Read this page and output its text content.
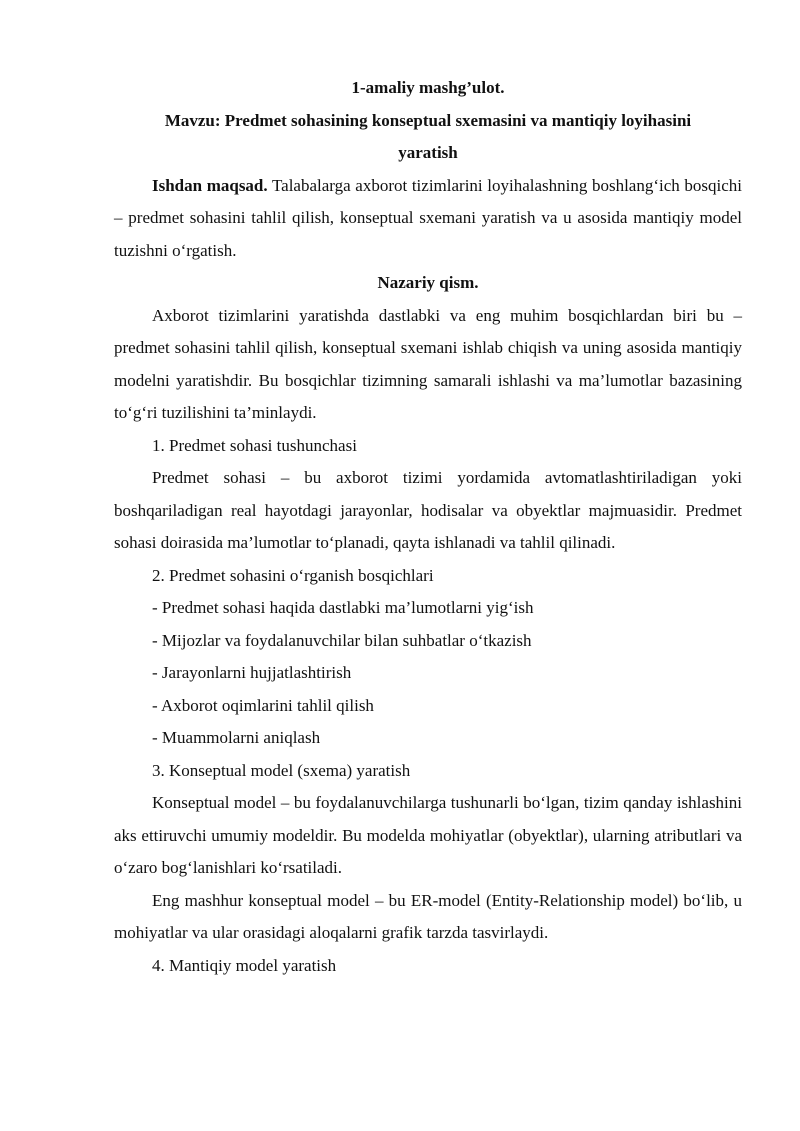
1-amaliy mashg’ulot.
Mavzu: Predmet sohasining konseptual sxemasini va mantiqiy loyihasini
yaratish
Ishdan maqsad. Talabalarga axborot tizimlarini loyihalashning boshlang‘ich bosqichi – predmet sohasini tahlil qilish, konseptual sxemani yaratish va u asosida mantiqiy model tuzishni o‘rgatish.
Nazariy qism.
Axborot tizimlarini yaratishda dastlabki va eng muhim bosqichlardan biri bu – predmet sohasini tahlil qilish, konseptual sxemani ishlab chiqish va uning asosida mantiqiy modelni yaratishdir. Bu bosqichlar tizimning samarali ishlashi va ma’lumotlar bazasining to‘g‘ri tuzilishini ta’minlaydi.
1. Predmet sohasi tushunchasi
Predmet sohasi – bu axborot tizimi yordamida avtomatlashtiriladigan yoki boshqariladigan real hayotdagi jarayonlar, hodisalar va obyektlar majmuasidir. Predmet sohasi doirasida ma’lumotlar to‘planadi, qayta ishlanadi va tahlil qilinadi.
2. Predmet sohasini o‘rganish bosqichlari
- Predmet sohasi haqida dastlabki ma’lumotlarni yig‘ish
- Mijozlar va foydalanuvchilar bilan suhbatlar o‘tkazish
- Jarayonlarni hujjatlashtirish
- Axborot oqimlarini tahlil qilish
- Muammolarni aniqlash
3. Konseptual model (sxema) yaratish
Konseptual model – bu foydalanuvchilarga tushunarli bo‘lgan, tizim qanday ishlashini aks ettiruvchi umumiy modeldir. Bu modelda mohiyatlar (obyektlar), ularning atributlari va o‘zaro bog‘lanishlari ko‘rsatiladi.
Eng mashhur konseptual model – bu ER-model (Entity-Relationship model) bo‘lib, u mohiyatlar va ular orasidagi aloqalarni grafik tarzda tasvirlaydi.
4. Mantiqiy model yaratish
